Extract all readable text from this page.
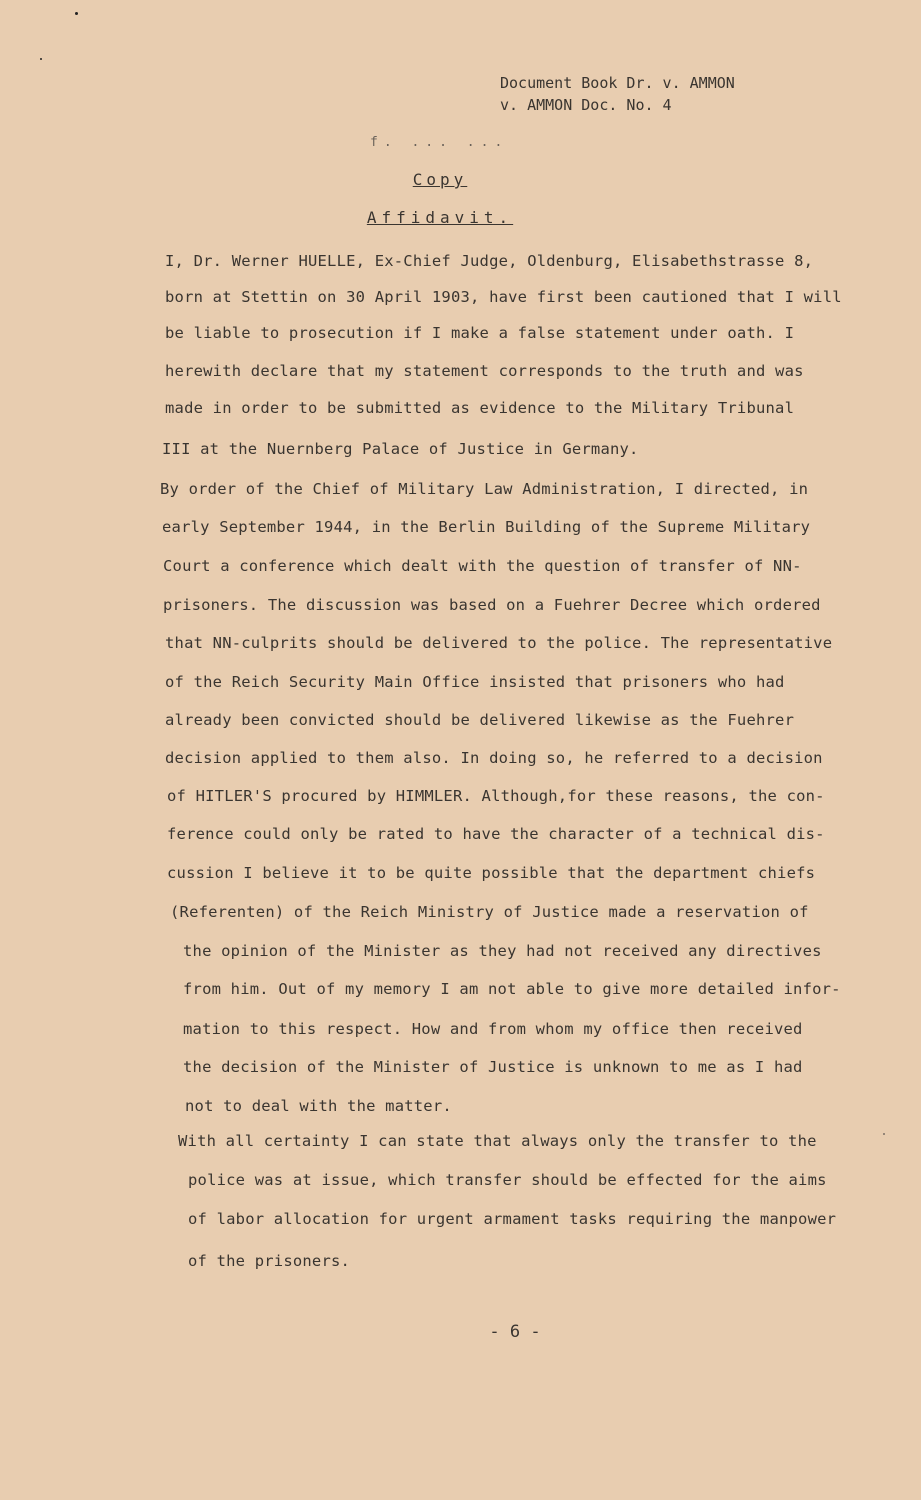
Document Book Dr. v. AMMON
v. AMMON Doc. No. 4
f. ... ...
Copy
Affidavit.
I, Dr. Werner HUELLE, Ex-Chief Judge, Oldenburg, Elisabethstrasse 8,
born at Stettin on 30 April 1903, have first been cautioned that I will
be liable to prosecution if I make a false statement under oath. I
herewith declare that my statement corresponds to the truth and was
made in order to be submitted as evidence to the Military Tribunal
III at the Nuernberg Palace of Justice in Germany.
By order of the Chief of Military Law Administration, I directed, in
early September 1944, in the Berlin Building of the Supreme Military
Court a conference which dealt with the question of transfer of NN-
prisoners. The discussion was based on a Fuehrer Decree which ordered
that NN-culprits should be delivered to the police. The representative
of the Reich Security Main Office insisted that prisoners who had
already been convicted should be delivered likewise as the Fuehrer
decision applied to them also. In doing so, he referred to a decision
of HITLER'S procured by HIMMLER. Although,for these reasons, the con-
ference could only be rated to have the character of a technical dis-
cussion I believe it to be quite possible that the department chiefs
(Referenten) of the Reich Ministry of Justice made a reservation of
the opinion of the Minister as they had not received any directives
from him. Out of my memory I am not able to give more detailed infor-
mation to this respect. How and from whom my office then received
the decision of the Minister of Justice is unknown to me as I had
not to deal with the matter.
With all certainty I can state that always only the transfer to the
police was at issue, which transfer should be effected for the aims
of labor allocation for urgent armament tasks requiring the manpower
of the prisoners.
- 6 -
